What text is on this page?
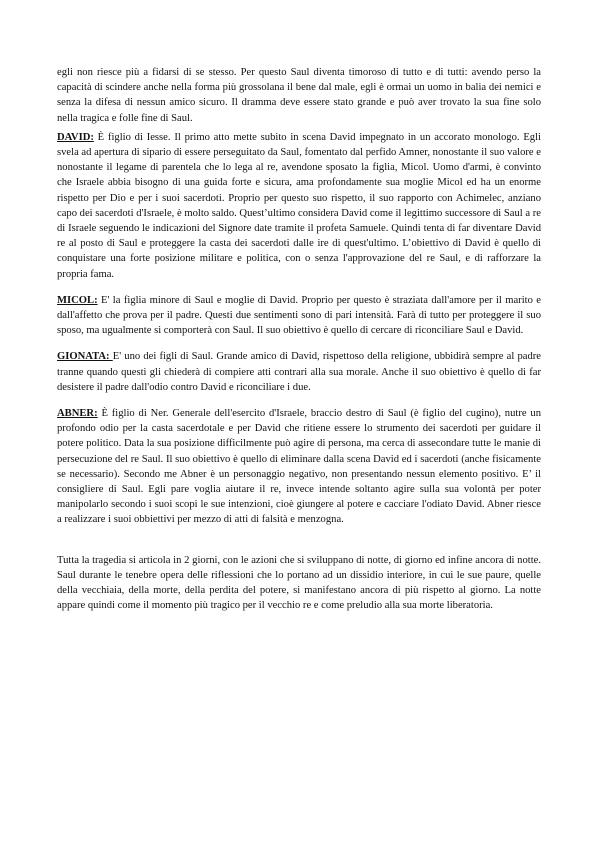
egli non riesce più a fidarsi di se stesso. Per questo Saul diventa timoroso di tutto e di tutti: avendo perso la capacità di scindere anche nella forma più grossolana il bene dal male, egli è ormai un uomo in balia dei nemici e senza la difesa di nessun amico sicuro. Il dramma deve essere stato grande e può aver trovato la sua fine solo nella tragica e folle fine di Saul.

DAVID: È figlio di Iesse. Il primo atto mette subito in scena David impegnato in un accorato monologo. Egli svela ad apertura di sipario di essere perseguitato da Saul, fomentato dal perfido Amner, nonostante il suo valore e nonostante il legame di parentela che lo lega al re, avendone sposato la figlia, Micol. Uomo d'armi, è convinto che Israele abbia bisogno di una guida forte e sicura, ama profondamente sua moglie Micol ed ha un enorme rispetto per Dio e per i suoi sacerdoti. Proprio per questo suo rispetto, il suo rapporto con Achimelec, anziano capo dei sacerdoti d'Israele, è molto saldo. Quest’ultimo considera David come il legittimo successore di Saul a re di Israele seguendo le indicazioni del Signore date tramite il profeta Samuele. Quindi tenta di far diventare David re al posto di Saul e proteggere la casta dei sacerdoti dalle ire di quest'ultimo. L’obiettivo di David è quello di conquistare una forte posizione militare e politica, con o senza l'approvazione del re Saul, e di rafforzare la propria fama.

MICOL: E' la figlia minore di Saul e moglie di David. Proprio per questo è straziata dall'amore per il marito e dall'affetto che prova per il padre. Questi due sentimenti sono di pari intensità. Farà di tutto per proteggere il suo sposo, ma ugualmente si comporterà con Saul. Il suo obiettivo è quello di cercare di riconciliare Saul e David.

GIONATA: E' uno dei figli di Saul. Grande amico di David, rispettoso della religione, ubbidirà sempre al padre tranne quando questi gli chiederà di compiere atti contrari alla sua morale. Anche il suo obiettivo è quello di far desistere il padre dall'odio contro David e riconciliare i due.

ABNER: È figlio di Ner. Generale dell'esercito d'Israele, braccio destro di Saul (è figlio del cugino), nutre un profondo odio per la casta sacerdotale e per David che ritiene essere lo strumento dei sacerdoti per guidare il potere politico. Data la sua posizione difficilmente può agire di persona, ma cerca di assecondare tutte le manie di persecuzione del re Saul. Il suo obiettivo è quello di eliminare dalla scena David ed i sacerdoti (anche fisicamente se necessario). Secondo me Abner è un personaggio negativo, non presentando nessun elemento positivo. E’ il consigliere di Saul. Egli pare voglia aiutare il re, invece intende soltanto agire sulla sua volontà per poter manipolarlo secondo i suoi scopi le sue intenzioni, cioè giungere al potere e cacciare l'odiato David. Abner riesce a realizzare i suoi obbiettivi per mezzo di atti di falsità e menzogna.

Tutta la tragedia si articola in 2 giorni, con le azioni che si sviluppano di notte, di giorno ed infine ancora di notte. Saul durante le tenebre opera delle riflessioni che lo portano ad un dissidio interiore, in cui le sue paure, quelle della vecchiaia, della morte, della perdita del potere, si manifestano ancora di più rispetto al giorno. La notte appare quindi come il momento più tragico per il vecchio re e come preludio alla sua morte liberatoria.
